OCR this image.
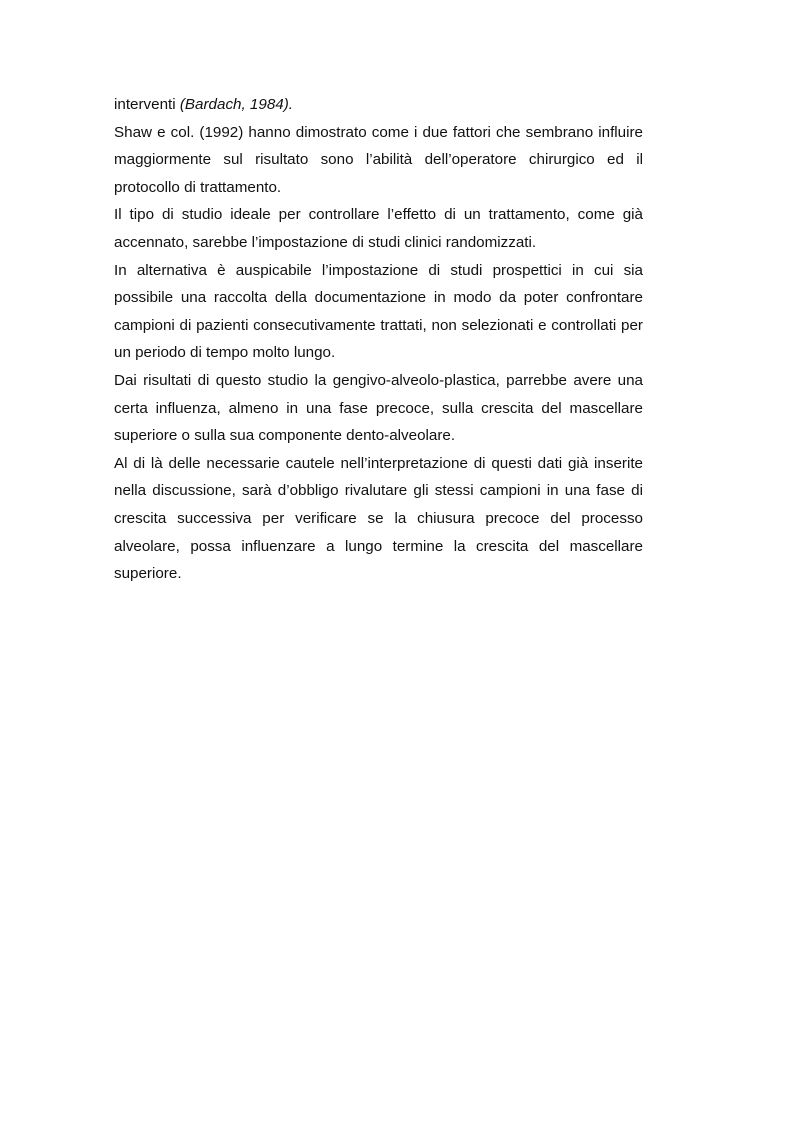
interventi (Bardach, 1984).

Shaw e col. (1992) hanno dimostrato come i due fattori che sembrano influire maggiormente sul risultato sono l’abilità dell’operatore chirurgico ed il protocollo di trattamento.

Il tipo di studio ideale per controllare l’effetto di un trattamento, come già accennato, sarebbe l’impostazione di studi clinici randomizzati.

In alternativa è auspicabile l’impostazione di studi prospettici in cui sia possibile una raccolta della documentazione in modo da poter confrontare campioni di pazienti consecutivamente trattati, non selezionati e controllati per un periodo di tempo molto lungo.

Dai risultati di questo studio la gengivo-alveolo-plastica, parrebbe avere una certa influenza, almeno in una fase precoce, sulla crescita del mascellare superiore o sulla sua componente dento-alveolare.

Al di là delle necessarie cautele nell’interpretazione di questi dati già inserite nella discussione, sarà d’obbligo rivalutare gli stessi campioni in una fase di crescita successiva per verificare se la chiusura precoce del processo alveolare, possa influenzare a lungo termine la crescita del mascellare superiore.
